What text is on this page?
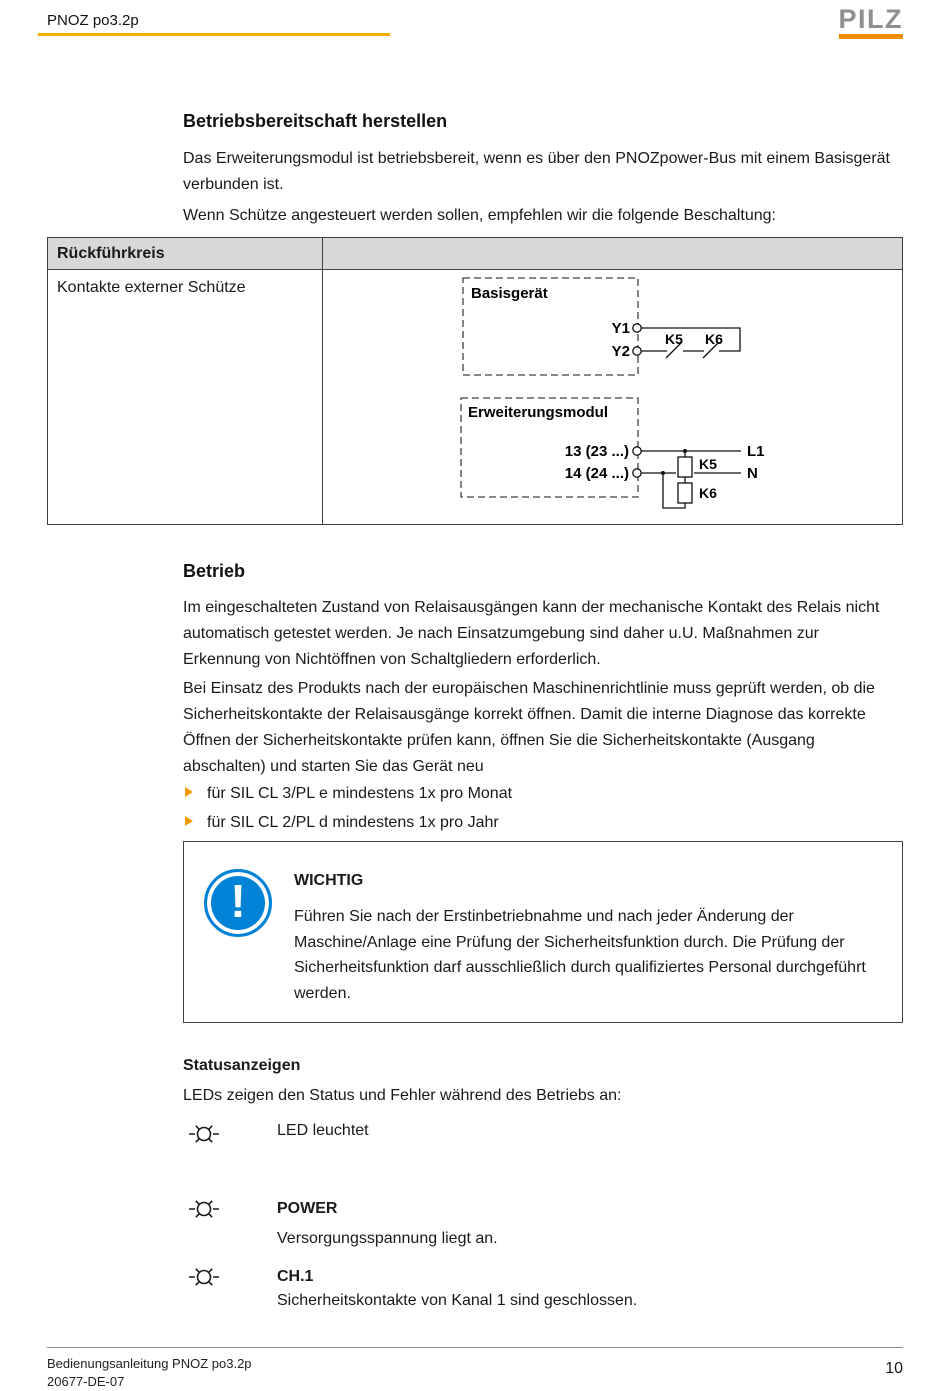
PNOZ po3.2p	PILZ
Betriebsbereitschaft herstellen
Das Erweiterungsmodul ist betriebsbereit, wenn es über den PNOZpower-Bus mit einem Basisgerät verbunden ist.
Wenn Schütze angesteuert werden sollen, empfehlen wir die folgende Beschaltung:
Rückführkreis
Kontakte externer Schütze	Basisgerät
Y1
Y2
K5 K6
Erweiterungsmodul
13 (23 ...)
14 (24 ...)
L1
N
K5
K6
Betrieb
Im eingeschalteten Zustand von Relaisausgängen kann der mechanische Kontakt des Relais nicht automatisch getestet werden. Je nach Einsatzumgebung sind daher u.U. Maßnahmen zur Erkennung von Nichtöffnen von Schaltgliedern erforderlich.
Bei Einsatz des Produkts nach der europäischen Maschinenrichtlinie muss geprüft werden, ob die Sicherheitskontakte der Relaisausgänge korrekt öffnen. Damit die interne Diagnose das korrekte Öffnen der Sicherheitskontakte prüfen kann, öffnen Sie die Sicherheitskontakte (Ausgang abschalten) und starten Sie das Gerät neu
für SIL CL 3/PL e mindestens 1x pro Monat
für SIL CL 2/PL d mindestens 1x pro Jahr
!	WICHTIG
Führen Sie nach der Erstinbetriebnahme und nach jeder Änderung der Maschine/Anlage eine Prüfung der Sicherheitsfunktion durch. Die Prüfung der Sicherheitsfunktion darf ausschließlich durch qualifiziertes Personal durchgeführt werden.
Statusanzeigen
LEDs zeigen den Status und Fehler während des Betriebs an:
LED leuchtet
POWER
Versorgungsspannung liegt an.
CH.1
Sicherheitskontakte von Kanal 1 sind geschlossen.
Bedienungsanleitung PNOZ po3.2p
20677-DE-07
10
